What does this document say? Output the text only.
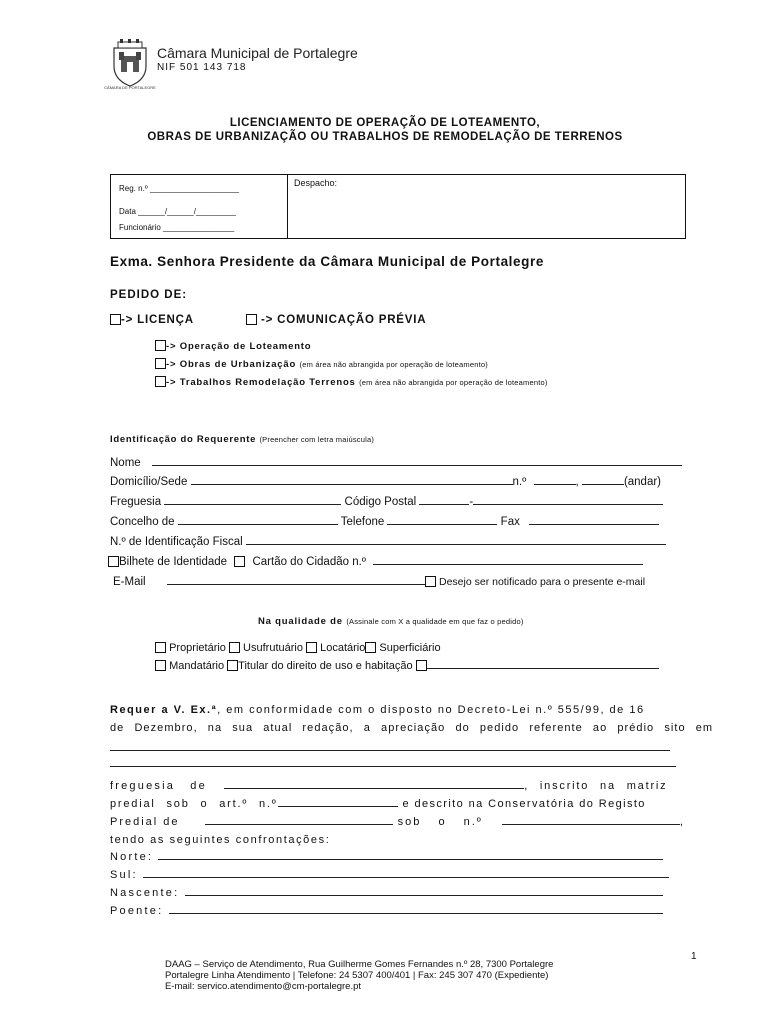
CÂMARA DE PORTALEGRE
Câmara Municipal de Portalegre
NIF 501 143 718
LICENCIAMENTO DE OPERAÇÃO DE LOTEAMENTO,
OBRAS DE URBANIZAÇÃO OU TRABALHOS DE REMODELAÇÃO DE TERRENOS
Reg. n.º ____________________
Data ______/______/_________
Funcionário ________________
Despacho:
Exma. Senhora Presidente da Câmara Municipal de Portalegre
PEDIDO DE:
-> LICENÇA	-> COMUNICAÇÃO PRÉVIA
-> Operação de Loteamento
-> Obras de Urbanização (em área não abrangida por operação de loteamento)
-> Trabalhos Remodelação Terrenos (em área não abrangida por operação de loteamento)
Identificação do Requerente (Preencher com letra maiúscula)
Nome
Domicílio/Sede	n.º	,	(andar)
Freguesia	Código Postal	-
Concelho de	Telefone	Fax
N.º de Identificação Fiscal
Bilhete de Identidade Cartão do Cidadão n.º
E-Mail	Desejo ser notificado para o presente e-mail
Na qualidade de (Assinale com X a qualidade em que faz o pedido)
Proprietário Usufrutuário Locatário Superficiário
Mandatário Titular do direito de uso e habitação
Requer a V. Ex.ª, em conformidade com o disposto no Decreto-Lei n.º 555/99, de 16
de Dezembro, na sua atual redação, a apreciação do pedido referente ao prédio sito em
freguesia de	, inscrito na matriz
predial sob o art.º n.º	e descrito na Conservatória do Registo
Predial de	sob o n.º	,
tendo as seguintes confrontações:
Norte:
Sul:
Nascente:
Poente:
1
DAAG – Serviço de Atendimento, Rua Guilherme Gomes Fernandes n.º 28, 7300 Portalegre
Portalegre Linha Atendimento | Telefone: 24 5307 400/401 | Fax: 245 307 470 (Expediente)
E-mail: servico.atendimento@cm-portalegre.pt
